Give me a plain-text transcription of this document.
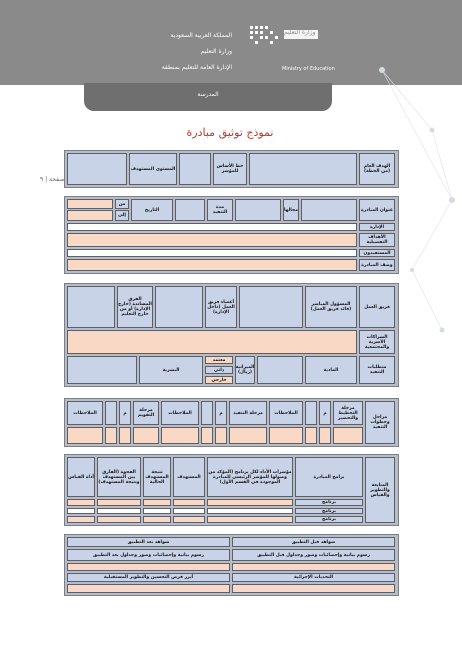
المملكة العربية السعودية
وزارة التعليم
الإدارة العامة للتعليم بمنطقة
وزارة التعليم
Ministry of Education
المدرسة
نموذج توثيق مبادرة
صفحة | ٩
الهدف العام (من الخطة)
خط الأساس للمؤشر
المستوى المستهدف
عنوان المبادرة
مجالها
مدة التنفيذ
التاريخ
من
إلى
الإدارة
الأهداف التفصيلية
المستفيدون
وصف المبادرة
فريق العمل
المسؤول المباشر (قائد فريق العمل)
أعضاء فريق العمل (داخل الإدارة)
الفرق المساندة (خارج الإدارة) أو من خارج التعليم
الشراكات الأسرية والمجتمعية
متطلبات التنفيذ
المادية
الميزانية (ريال)
معتمد
ذاتي
خارجي
البشرية
مراحل وخطوات التنفيذ
مرحلة التخطيط والتحضير
م
الملاحظات
مرحلة التنفيذ
م
الملاحظات
مرحلة التقويم
م
الملاحظات
المتابعة والتطوير والقياس
برامج المبادرة
مؤشرات الأداء لكل برنامج (المؤكد من وصولها للمؤشر الرئيسي للمبادرة الموجودة في القسم الأول)
المستهدف
نتيجة المستهدف الحالية
الفجوة (الفارق بين المستهدف ونتيجة المستهدف)
أداة القياس
برنامج
برنامج
برنامج
شواهد قبل التطبيق
شواهد بعد التطبيق
رسوم بيانية وإحصائيات وصور وجداول قبل التطبيق
رسوم بيانية وإحصائيات وصور وجداول بعد التطبيق
التحديات الإجرائية
أبرز فرص التحسين والتطوير المستقبلية
